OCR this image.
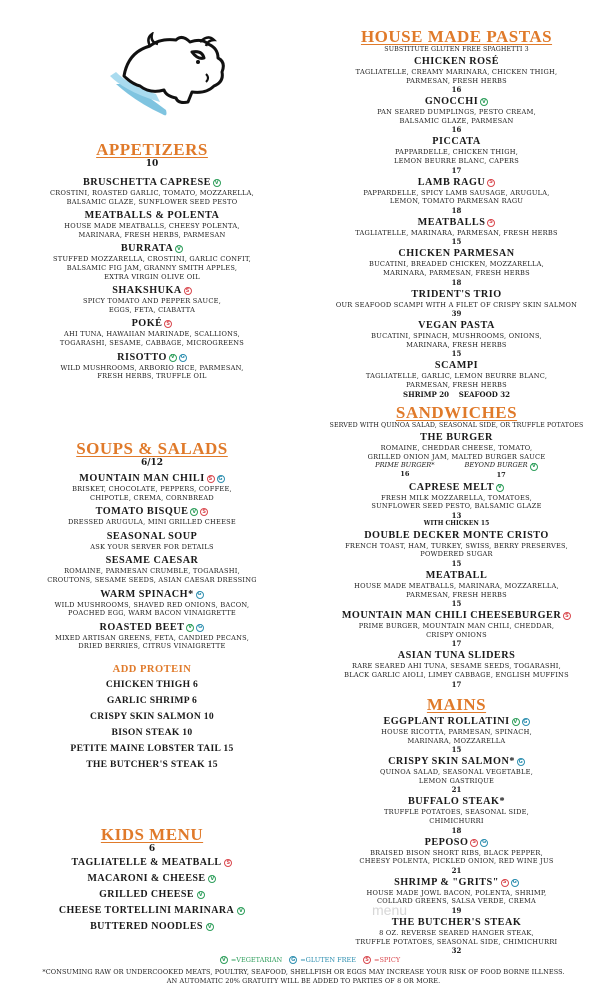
APPETIZERS
10
BRUSCHETTA CAPRESE V
CROSTINI, ROASTED GARLIC, TOMATO, MOZZARELLA,
BALSAMIC GLAZE, SUNFLOWER SEED PESTO
MEATBALLS & POLENTA
HOUSE MADE MEATBALLS, CHEESY POLENTA,
MARINARA, FRESH HERBS, PARMESAN
BURRATA V
STUFFED MOZZARELLA, CROSTINI, GARLIC CONFIT,
BALSAMIC FIG JAM, GRANNY SMITH APPLES,
EXTRA VIRGIN OLIVE OIL
SHAKSHUKA S
SPICY TOMATO AND PEPPER SAUCE,
EGGS, FETA, CIABATTA
POKÉ S
AHI TUNA, HAWAIIAN MARINADE, SCALLIONS,
TOGARASHI, SESAME, CABBAGE, MICROGREENS
RISOTTO V	G
WILD MUSHROOMS, ARBORIO RICE, PARMESAN,
FRESH HERBS, TRUFFLE OIL
SOUPS & SALADS
6/12
MOUNTAIN MAN CHILI S	G
BRISKET, CHOCOLATE, PEPPERS, COFFEE,
CHIPOTLE, CREMA, CORNBREAD
TOMATO BISQUE V	S
DRESSED ARUGULA, MINI GRILLED CHEESE
SEASONAL SOUP
ASK YOUR SERVER FOR DETAILS
SESAME CAESAR
ROMAINE, PARMESAN CRUMBLE, TOGARASHI,
CROUTONS, SESAME SEEDS, ASIAN CAESAR DRESSING
WARM SPINACH* G
WILD MUSHROOMS, SHAVED RED ONIONS, BACON,
POACHED EGG, WARM BACON VINAIGRETTE
ROASTED BEET V	G
MIXED ARTISAN GREENS, FETA, CANDIED PECANS,
DRIED BERRIES, CITRUS VINAIGRETTE
ADD PROTEIN
CHICKEN THIGH 6
GARLIC SHRIMP 6
CRISPY SKIN SALMON 10
BISON STEAK 10
PETITE MAINE LOBSTER TAIL 15
THE BUTCHER'S STEAK 15
KIDS MENU
6
TAGLIATELLE & MEATBALL S
MACARONI & CHEESE V
GRILLED CHEESE V
CHEESE TORTELLINI MARINARA V
BUTTERED NOODLES V
HOUSE MADE PASTAS
SUBSTITUTE GLUTEN FREE SPAGHETTI 3
CHICKEN ROSÉ
TAGLIATELLE, CREAMY MARINARA, CHICKEN THIGH,
PARMESAN, FRESH HERBS
16
GNOCCHI V
PAN SEARED DUMPLINGS, PESTO CREAM,
BALSAMIC GLAZE, PARMESAN
16
PICCATA
PAPPARDELLE, CHICKEN THIGH,
LEMON BEURRE BLANC, CAPERS
17
LAMB RAGU S
PAPPARDELLE, SPICY LAMB SAUSAGE, ARUGULA,
LEMON, TOMATO PARMESAN RAGU
18
MEATBALLS S
TAGLIATELLE, MARINARA, PARMESAN, FRESH HERBS
15
CHICKEN PARMESAN
BUCATINI, BREADED CHICKEN, MOZZARELLA,
MARINARA, PARMESAN, FRESH HERBS
18
TRIDENT'S TRIO
OUR SEAFOOD SCAMPI WITH A FILET OF CRISPY SKIN SALMON
39
VEGAN PASTA
BUCATINI, SPINACH, MUSHROOMS, ONIONS,
MARINARA, FRESH HERBS
15
SCAMPI
TAGLIATELLE, GARLIC, LEMON BEURRE BLANC,
PARMESAN, FRESH HERBS
SHRIMP 20    SEAFOOD 32
SANDWICHES
SERVED WITH QUINOA SALAD, SEASONAL SIDE, OR TRUFFLE POTATOES
THE BURGER
ROMAINE, CHEDDAR CHEESE, TOMATO,
GRILLED ONION JAM, MALTED BURGER SAUCE
PRIME BURGER*
16
BEYOND BURGER V
17
CAPRESE MELT V
FRESH MILK MOZZARELLA, TOMATOES,
SUNFLOWER SEED PESTO, BALSAMIC GLAZE
13
WITH CHICKEN 15
DOUBLE DECKER MONTE CRISTO
FRENCH TOAST, HAM, TURKEY, SWISS, BERRY PRESERVES,
POWDERED SUGAR
15
MEATBALL
HOUSE MADE MEATBALLS, MARINARA, MOZZARELLA,
PARMESAN, FRESH HERBS
15
MOUNTAIN MAN CHILI CHEESEBURGER S
PRIME BURGER, MOUNTAIN MAN CHILI, CHEDDAR,
CRISPY ONIONS
17
ASIAN TUNA SLIDERS
RARE SEARED AHI TUNA, SESAME SEEDS, TOGARASHI,
BLACK GARLIC AIOLI, LIMEY CABBAGE, ENGLISH MUFFINS
17
MAINS
EGGPLANT ROLLATINI V	G
HOUSE RICOTTA, PARMESAN, SPINACH,
MARINARA, MOZZARELLA
15
CRISPY SKIN SALMON* G
QUINOA SALAD, SEASONAL VEGETABLE,
LEMON GASTRIQUE
21
BUFFALO STEAK*
TRUFFLE POTATOES, SEASONAL SIDE,
CHIMICHURRI
18
PEPOSO S	G
BRAISED BISON SHORT RIBS, BLACK PEPPER,
CHEESY POLENTA, PICKLED ONION, RED WINE JUS
21
SHRIMP & "GRITS" S	G
HOUSE MADE JOWL BACON, POLENTA, SHRIMP,
COLLARD GREENS, SALSA VERDE, CREMA
19
THE BUTCHER'S STEAK
8 OZ. REVERSE SEARED HANGER STEAK,
TRUFFLE POTATOES, SEASONAL SIDE, CHIMICHURRI
32
menu
V =VEGETARIAN	G =GLUTEN FREE	S =SPICY
*CONSUMING RAW OR UNDERCOOKED MEATS, POULTRY, SEAFOOD, SHELLFISH OR EGGS MAY INCREASE YOUR RISK OF FOOD BORNE ILLNESS.
AN AUTOMATIC 20% GRATUITY WILL BE ADDED TO PARTIES OF 8 OR MORE.
